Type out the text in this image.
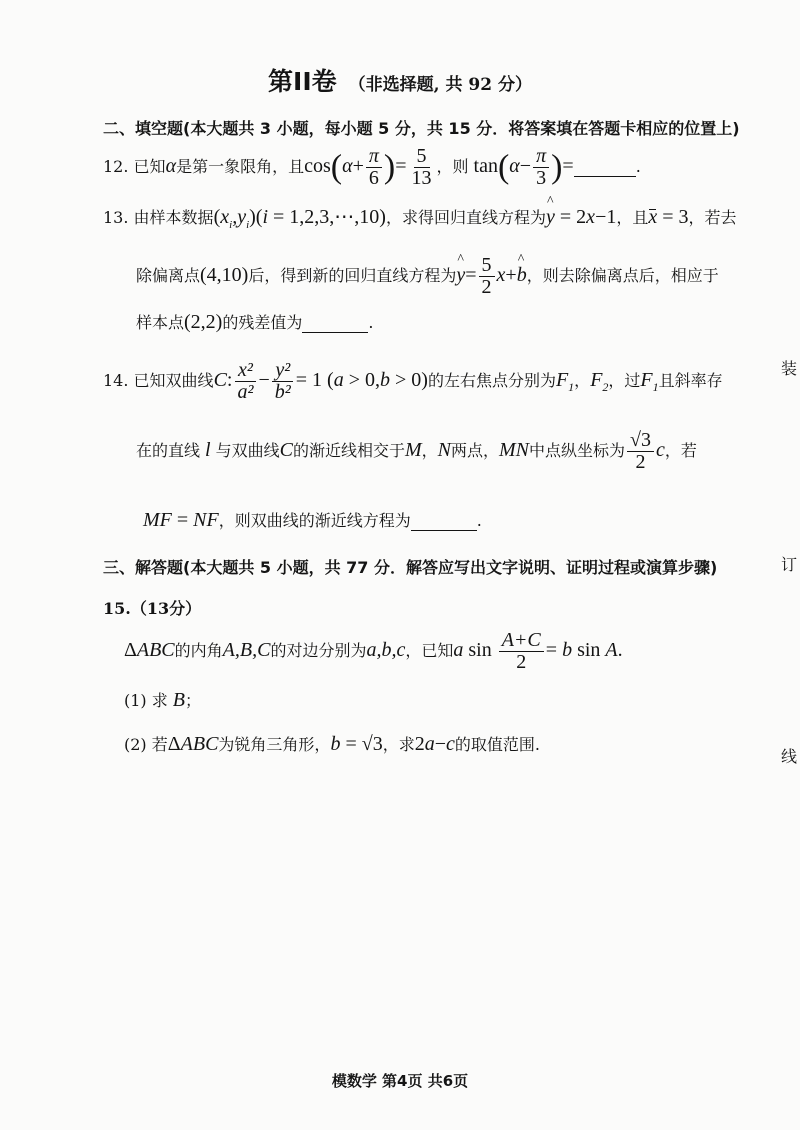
第II卷 （非选择题, 共 92 分）
二、填空题(本大题共 3 小题，每小题 5 分，共 15 分．将答案填在答题卡相应的位置上)
12. 已知α是第一象限角，且$\cos(\alpha+ \frac{\pi}{6}$ )= $\frac{5}{13}$ ，则 $\tan(\alpha- \frac{\pi}{3}$ )=	.
13. 由样本数据$(x_i,y_i)(i$ = 1,2,3,⋯,10)，求得回归直线方程为^ y = 2x−1，且x = 3，若去
除偏离点(4,10)后，得到新的回归直线方程为^ $y= \frac{5}{2}$ x+^ b，则去除偏离点后，相应于
样本点(2,2)的残差值为	.
14. 已知双曲线C: $\frac{\text{x²}}{\text{a²}} - \frac{\text{y²}}{\text{b²}} = 1$ (a > 0,b > 0)的左右焦点分别为$F_1$，$F_2$，过$F_1$且斜率存
在的直线 l 与双曲线C的渐近线相交于M，N两点，MN中点纵坐标为 $\frac{√3}{2}$ c，若
MF = NF，则双曲线的渐近线方程为	.
三、解答题(本大题共 5 小题，共 77 分．解答应写出文字说明、证明过程或演算步骤)
15.（13分）
ΔABC的内角A,B,C的对边分别为a,b,c，已知a $\sin \frac{A+C}{2} = b$ sin A.
(1) 求 B；
(2) 若ΔABC为锐角三角形，b = √3，求2a−c的取值范围.
装
订
线
模数学 第4页 共6页
